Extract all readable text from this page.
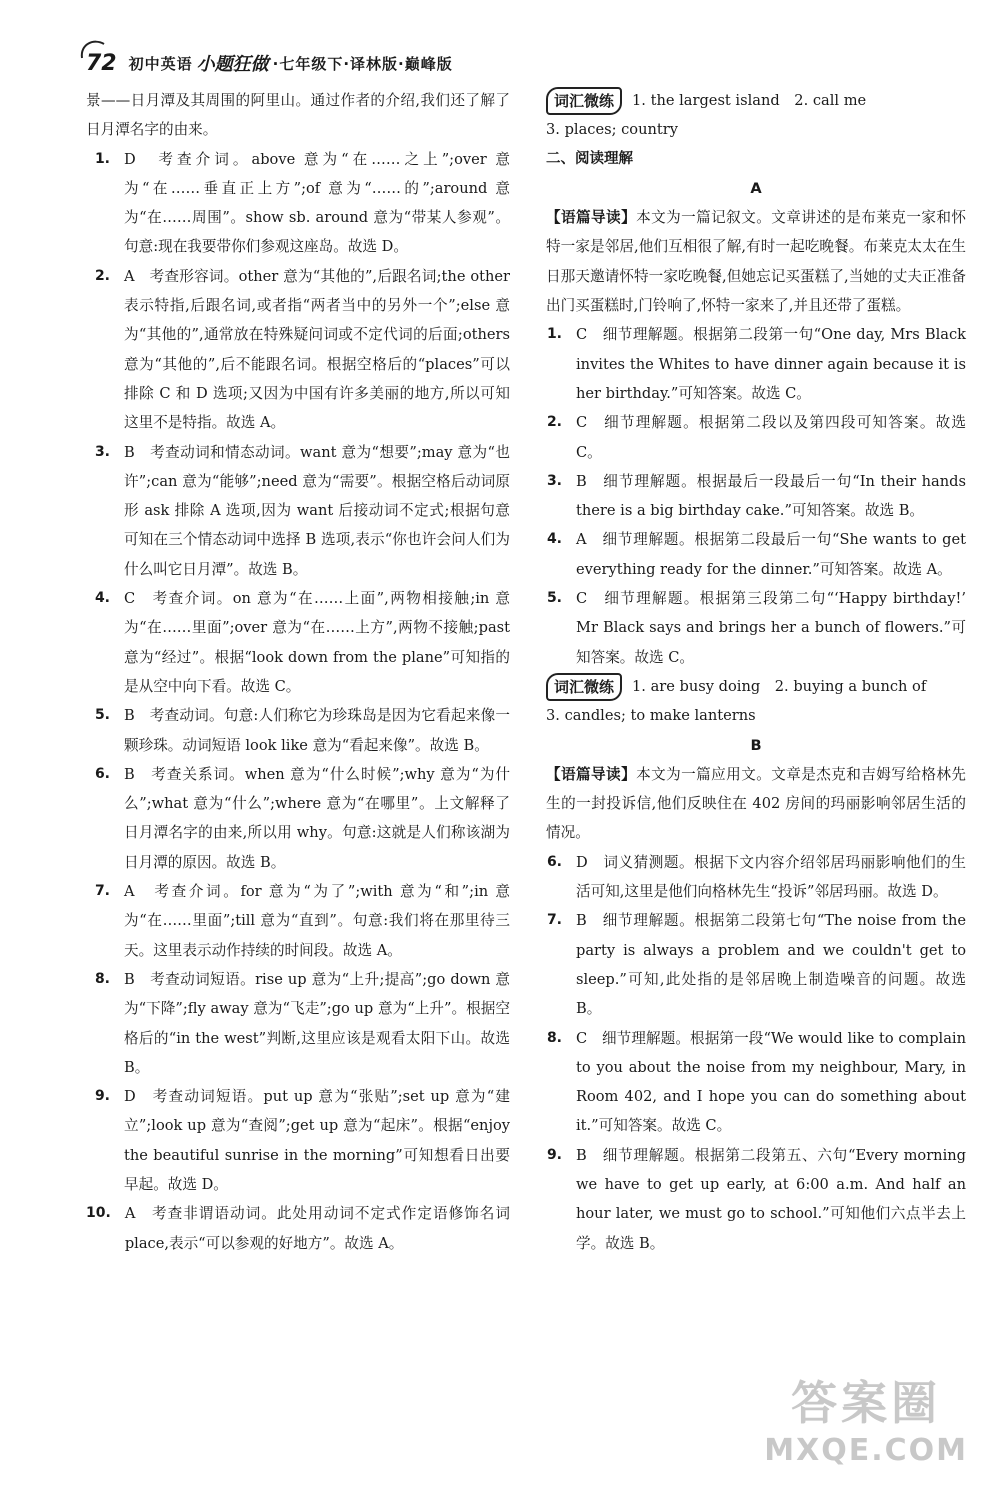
72 初中英语 小题狂做 ·七年级下·译林版·巅峰版

景——日月潭及其周围的阿里山。通过作者的介绍,我们还了解了日月潭名字的由来。

1. D　考查介词。above 意为“在……之上”;over 意为“在……垂直正上方”;of 意为“……的”;around 意为“在……周围”。show sb. around 意为“带某人参观”。句意:现在我要带你们参观这座岛。故选 D。
2. A　考查形容词。other 意为“其他的”,后跟名词;the other 表示特指,后跟名词,或者指“两者当中的另外一个”;else 意为“其他的”,通常放在特殊疑问词或不定代词的后面;others 意为“其他的”,后不能跟名词。根据空格后的“places”可以排除 C 和 D 选项;又因为中国有许多美丽的地方,所以可知这里不是特指。故选 A。
3. B　考查动词和情态动词。want 意为“想要”;may 意为“也许”;can 意为“能够”;need 意为“需要”。根据空格后动词原形 ask 排除 A 选项,因为 want 后接动词不定式;根据句意可知在三个情态动词中选择 B 选项,表示“你也许会问人们为什么叫它日月潭”。故选 B。
4. C　考查介词。on 意为“在……上面”,两物相接触;in 意为“在……里面”;over 意为“在……上方”,两物不接触;past 意为“经过”。根据“look down from the plane”可知指的是从空中向下看。故选 C。
5. B　考查动词。句意:人们称它为珍珠岛是因为它看起来像一颗珍珠。动词短语 look like 意为“看起来像”。故选 B。
6. B　考查关系词。when 意为“什么时候”;why 意为“为什么”;what 意为“什么”;where 意为“在哪里”。上文解释了日月潭名字的由来,所以用 why。句意:这就是人们称该湖为日月潭的原因。故选 B。
7. A　考查介词。for 意为“为了”;with 意为“和”;in 意为“在……里面”;till 意为“直到”。句意:我们将在那里待三天。这里表示动作持续的时间段。故选 A。
8. B　考查动词短语。rise up 意为“上升;提高”;go down 意为“下降”;fly away 意为“飞走”;go up 意为“上升”。根据空格后的“in the west”判断,这里应该是观看太阳下山。故选 B。
9. D　考查动词短语。put up 意为“张贴”;set up 意为“建立”;look up 意为“查阅”;get up 意为“起床”。根据“enjoy the beautiful sunrise in the morning”可知想看日出要早起。故选 D。
10. A　考查非谓语动词。此处用动词不定式作定语修饰名词 place,表示“可以参观的好地方”。故选 A。
词汇微练	1. the largest island　2. call me

3. places; country

二、阅读理解

A

【语篇导读】本文为一篇记叙文。文章讲述的是布莱克一家和怀特一家是邻居,他们互相很了解,有时一起吃晚餐。布莱克太太在生日那天邀请怀特一家吃晚餐,但她忘记买蛋糕了,当她的丈夫正准备出门买蛋糕时,门铃响了,怀特一家来了,并且还带了蛋糕。

1. C　细节理解题。根据第二段第一句“One day, Mrs Black invites the Whites to have dinner again because it is her birthday.”可知答案。故选 C。
2. C　细节理解题。根据第二段以及第四段可知答案。故选 C。
3. B　细节理解题。根据最后一段最后一句“In their hands there is a big birthday cake.”可知答案。故选 B。
4. A　细节理解题。根据第二段最后一句“She wants to get everything ready for the dinner.”可知答案。故选 A。
5. C　细节理解题。根据第三段第二句“‘Happy birthday!’ Mr Black says and brings her a bunch of flowers.”可知答案。故选 C。
词汇微练	1. are busy doing　2. buying a bunch of

3. candles; to make lanterns

B

【语篇导读】本文为一篇应用文。文章是杰克和吉姆写给格林先生的一封投诉信,他们反映住在 402 房间的玛丽影响邻居生活的情况。

6. D　词义猜测题。根据下文内容介绍邻居玛丽影响他们的生活可知,这里是他们向格林先生“投诉”邻居玛丽。故选 D。
7. B　细节理解题。根据第二段第七句“The noise from the party is always a problem and we couldn't get to sleep.”可知,此处指的是邻居晚上制造噪音的问题。故选 B。
8. C　细节理解题。根据第一段“We would like to complain to you about the noise from my neighbour, Mary, in Room 402, and I hope you can do something about it.”可知答案。故选 C。
9. B　细节理解题。根据第二段第五、六句“Every morning we have to get up early, at 6:00 a.m. And half an hour later, we must go to school.”可知他们六点半去上学。故选 B。
答案圈
MXQE.COM
